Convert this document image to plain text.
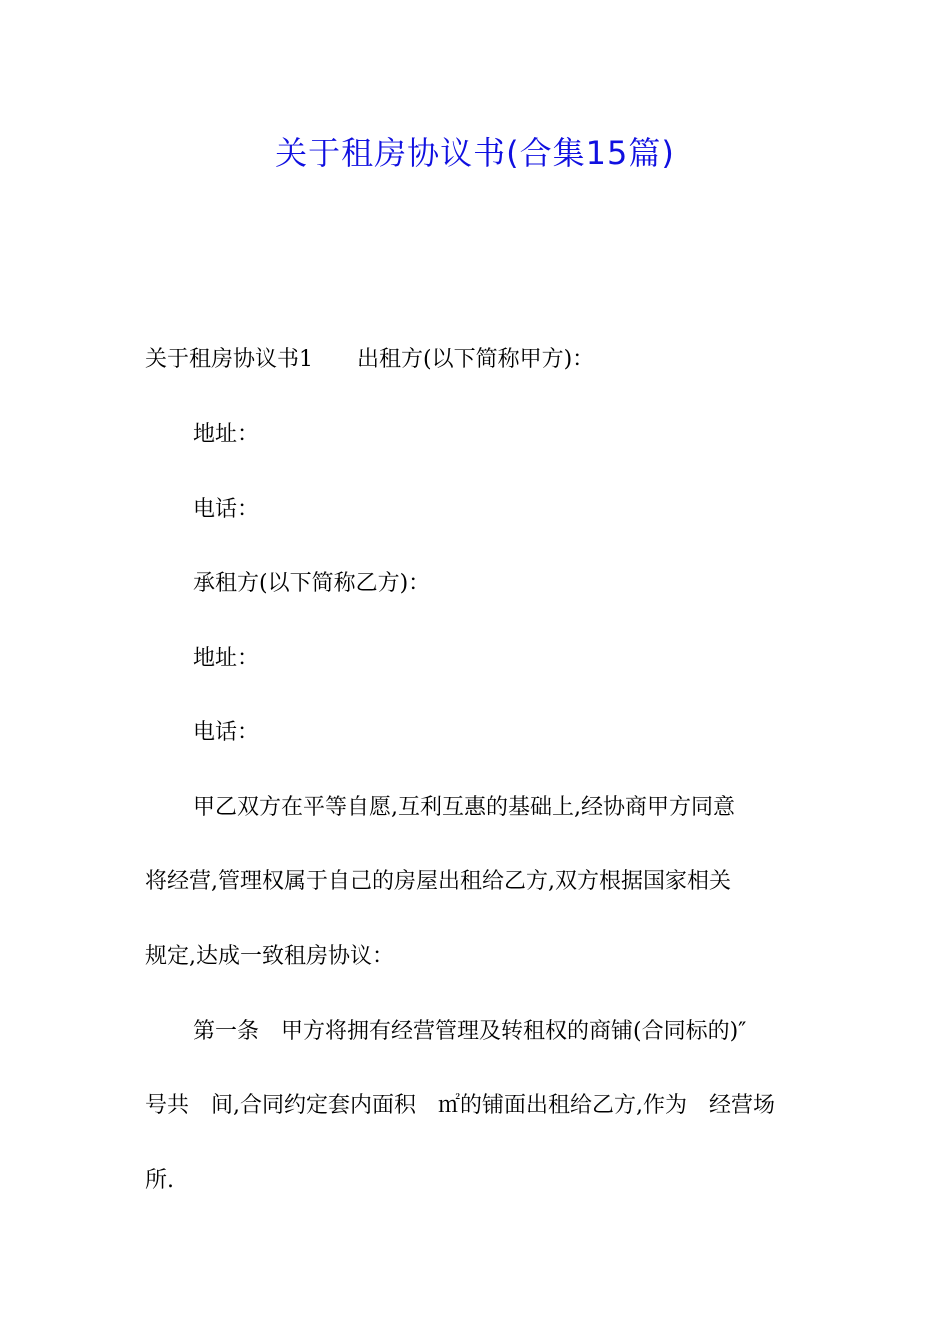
关于租房协议书(合集15篇)

关于租房协议书1　　出租方(以下简称甲方)：

地址：

电话：

承租方(以下简称乙方)：

地址：

电话：

甲乙双方在平等自愿,互利互惠的基础上,经协商甲方同意

将经营,管理权属于自己的房屋出租给乙方,双方根据国家相关

规定,达成一致租房协议：

第一条　甲方将拥有经营管理及转租权的商铺(合同标的)″

号共　间,合同约定套内面积　㎡的铺面出租给乙方,作为　经营场

所.
